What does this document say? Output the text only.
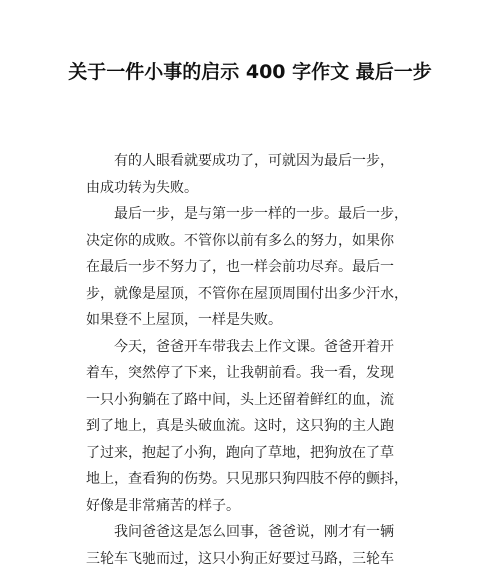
关于一件小事的启示 400 字作文 最后一步

有的人眼看就要成功了，可就因为最后一步，
由成功转为失败。

最后一步，是与第一步一样的一步。最后一步，
决定你的成败。不管你以前有多么的努力，如果你
在最后一步不努力了，也一样会前功尽弃。最后一
步，就像是屋顶，不管你在屋顶周围付出多少汗水，
如果登不上屋顶，一样是失败。

今天，爸爸开车带我去上作文课。爸爸开着开
着车，突然停了下来，让我朝前看。我一看，发现
一只小狗躺在了路中间，头上还留着鲜红的血，流
到了地上，真是头破血流。这时，这只狗的主人跑
了过来，抱起了小狗，跑向了草地，把狗放在了草
地上，查看狗的伤势。只见那只狗四肢不停的颤抖，
好像是非常痛苦的样子。

我问爸爸这是怎么回事，爸爸说，刚才有一辆
三轮车飞驰而过，这只小狗正好要过马路，三轮车
